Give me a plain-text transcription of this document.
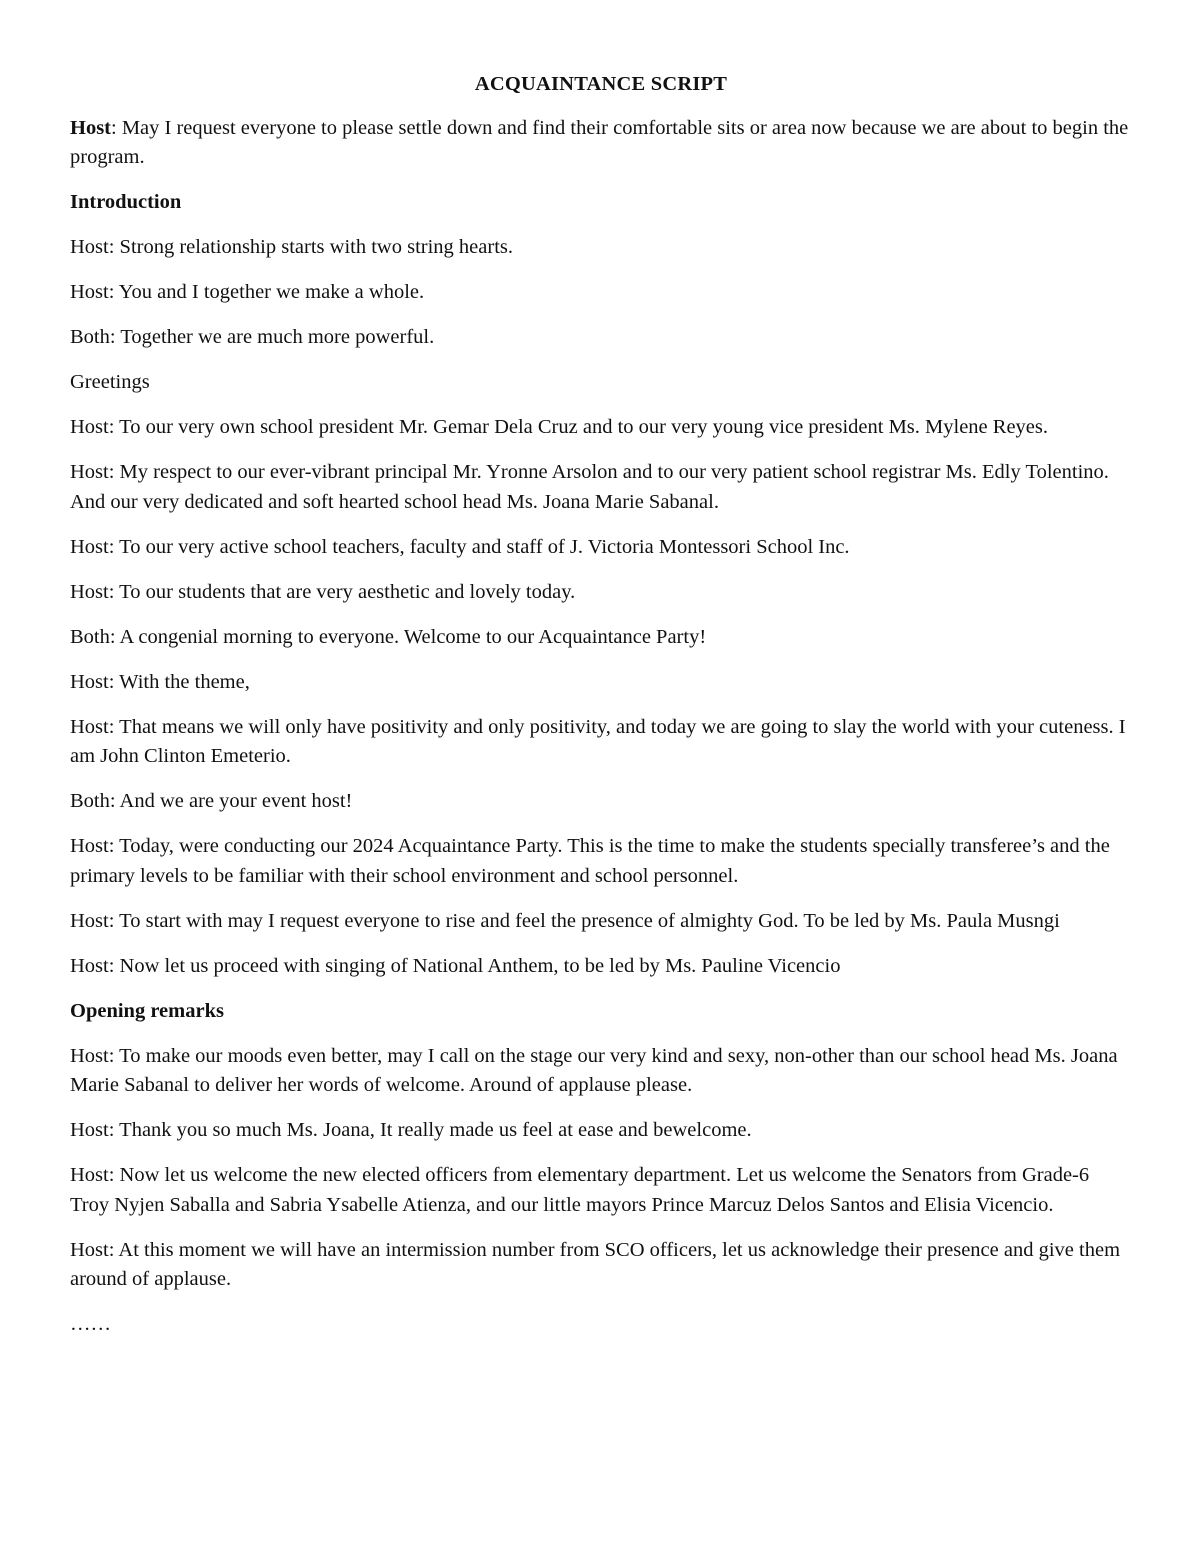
ACQUAINTANCE SCRIPT

Host: May I request everyone to please settle down and find their comfortable sits or area now because we are about to begin the program.

Introduction

Host: Strong relationship starts with two string hearts.

Host: You and I together we make a whole.

Both: Together we are much more powerful.

Greetings

Host: To our very own school president Mr. Gemar Dela Cruz and to our very young vice president Ms. Mylene Reyes.

Host: My respect to our ever-vibrant principal Mr. Yronne Arsolon and to our very patient school registrar Ms. Edly Tolentino. And our very dedicated and soft hearted school head Ms. Joana Marie Sabanal.

Host: To our very active school teachers, faculty and staff of J. Victoria Montessori School Inc.

Host: To our students that are very aesthetic and lovely today.

Both: A congenial morning to everyone. Welcome to our Acquaintance Party!

Host: With the theme,

Host: That means we will only have positivity and only positivity, and today we are going to slay the world with your cuteness. I am John Clinton Emeterio.

Both: And we are your event host!

Host: Today, were conducting our 2024 Acquaintance Party. This is the time to make the students specially transferee’s and the primary levels to be familiar with their school environment and school personnel.

Host: To start with may I request everyone to rise and feel the presence of almighty God. To be led by Ms. Paula Musngi

Host: Now let us proceed with singing of National Anthem, to be led by Ms. Pauline Vicencio

Opening remarks

Host: To make our moods even better, may I call on the stage our very kind and sexy, non-other than our school head Ms. Joana Marie Sabanal to deliver her words of welcome. Around of applause please.

Host: Thank you so much Ms. Joana, It really made us feel at ease and bewelcome.

Host: Now let us welcome the new elected officers from elementary department. Let us welcome the Senators from Grade-6 Troy Nyjen Saballa and Sabria Ysabelle Atienza, and our little mayors Prince Marcuz Delos Santos and Elisia Vicencio.

Host: At this moment we will have an intermission number from SCO officers, let us acknowledge their presence and give them around of applause.

……
